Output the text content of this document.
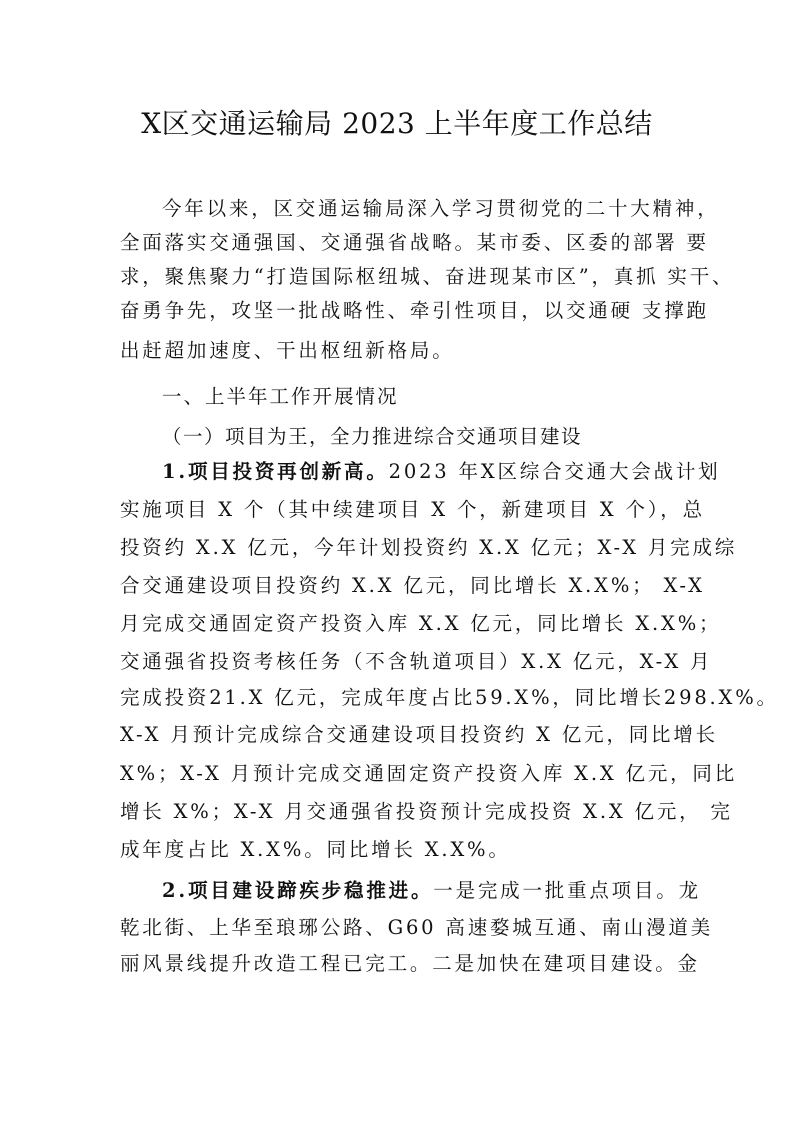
X区交通运输局 2023 上半年度工作总结
今年以来，区交通运输局深入学习贯彻党的二十大精神，
全面落实交通强国、交通强省战略。某市委、区委的部署 要
求，聚焦聚力“打造国际枢纽城、奋进现某市区”，真抓 实干、
奋勇争先，攻坚一批战略性、牵引性项目，以交通硬 支撑跑
出赶超加速度、干出枢纽新格局。
一、上半年工作开展情况
（一）项目为王，全力推进综合交通项目建设
1.项目投资再创新高。2023 年X区综合交通大会战计划
实施项目 X 个（其中续建项目 X 个，新建项目 X 个），总
投资约 X.X 亿元，今年计划投资约 X.X 亿元；X-X 月完成综
合交通建设项目投资约 X.X 亿元，同比增长 X.X%； X-X
月完成交通固定资产投资入库 X.X 亿元，同比增长 X.X%；
交通强省投资考核任务（不含轨道项目）X.X 亿元，X-X 月
完成投资21.X 亿元，完成年度占比59.X%，同比增长298.X%。
X-X 月预计完成综合交通建设项目投资约 X 亿元，同比增长
X%；X-X 月预计完成交通固定资产投资入库 X.X 亿元，同比
增长 X%；X-X 月交通强省投资预计完成投资 X.X 亿元， 完
成年度占比 X.X%。同比增长 X.X%。
2.项目建设蹄疾步稳推进。一是完成一批重点项目。龙
乾北街、上华至琅琊公路、G60 高速婺城互通、南山漫道美
丽风景线提升改造工程已完工。二是加快在建项目建设。金
